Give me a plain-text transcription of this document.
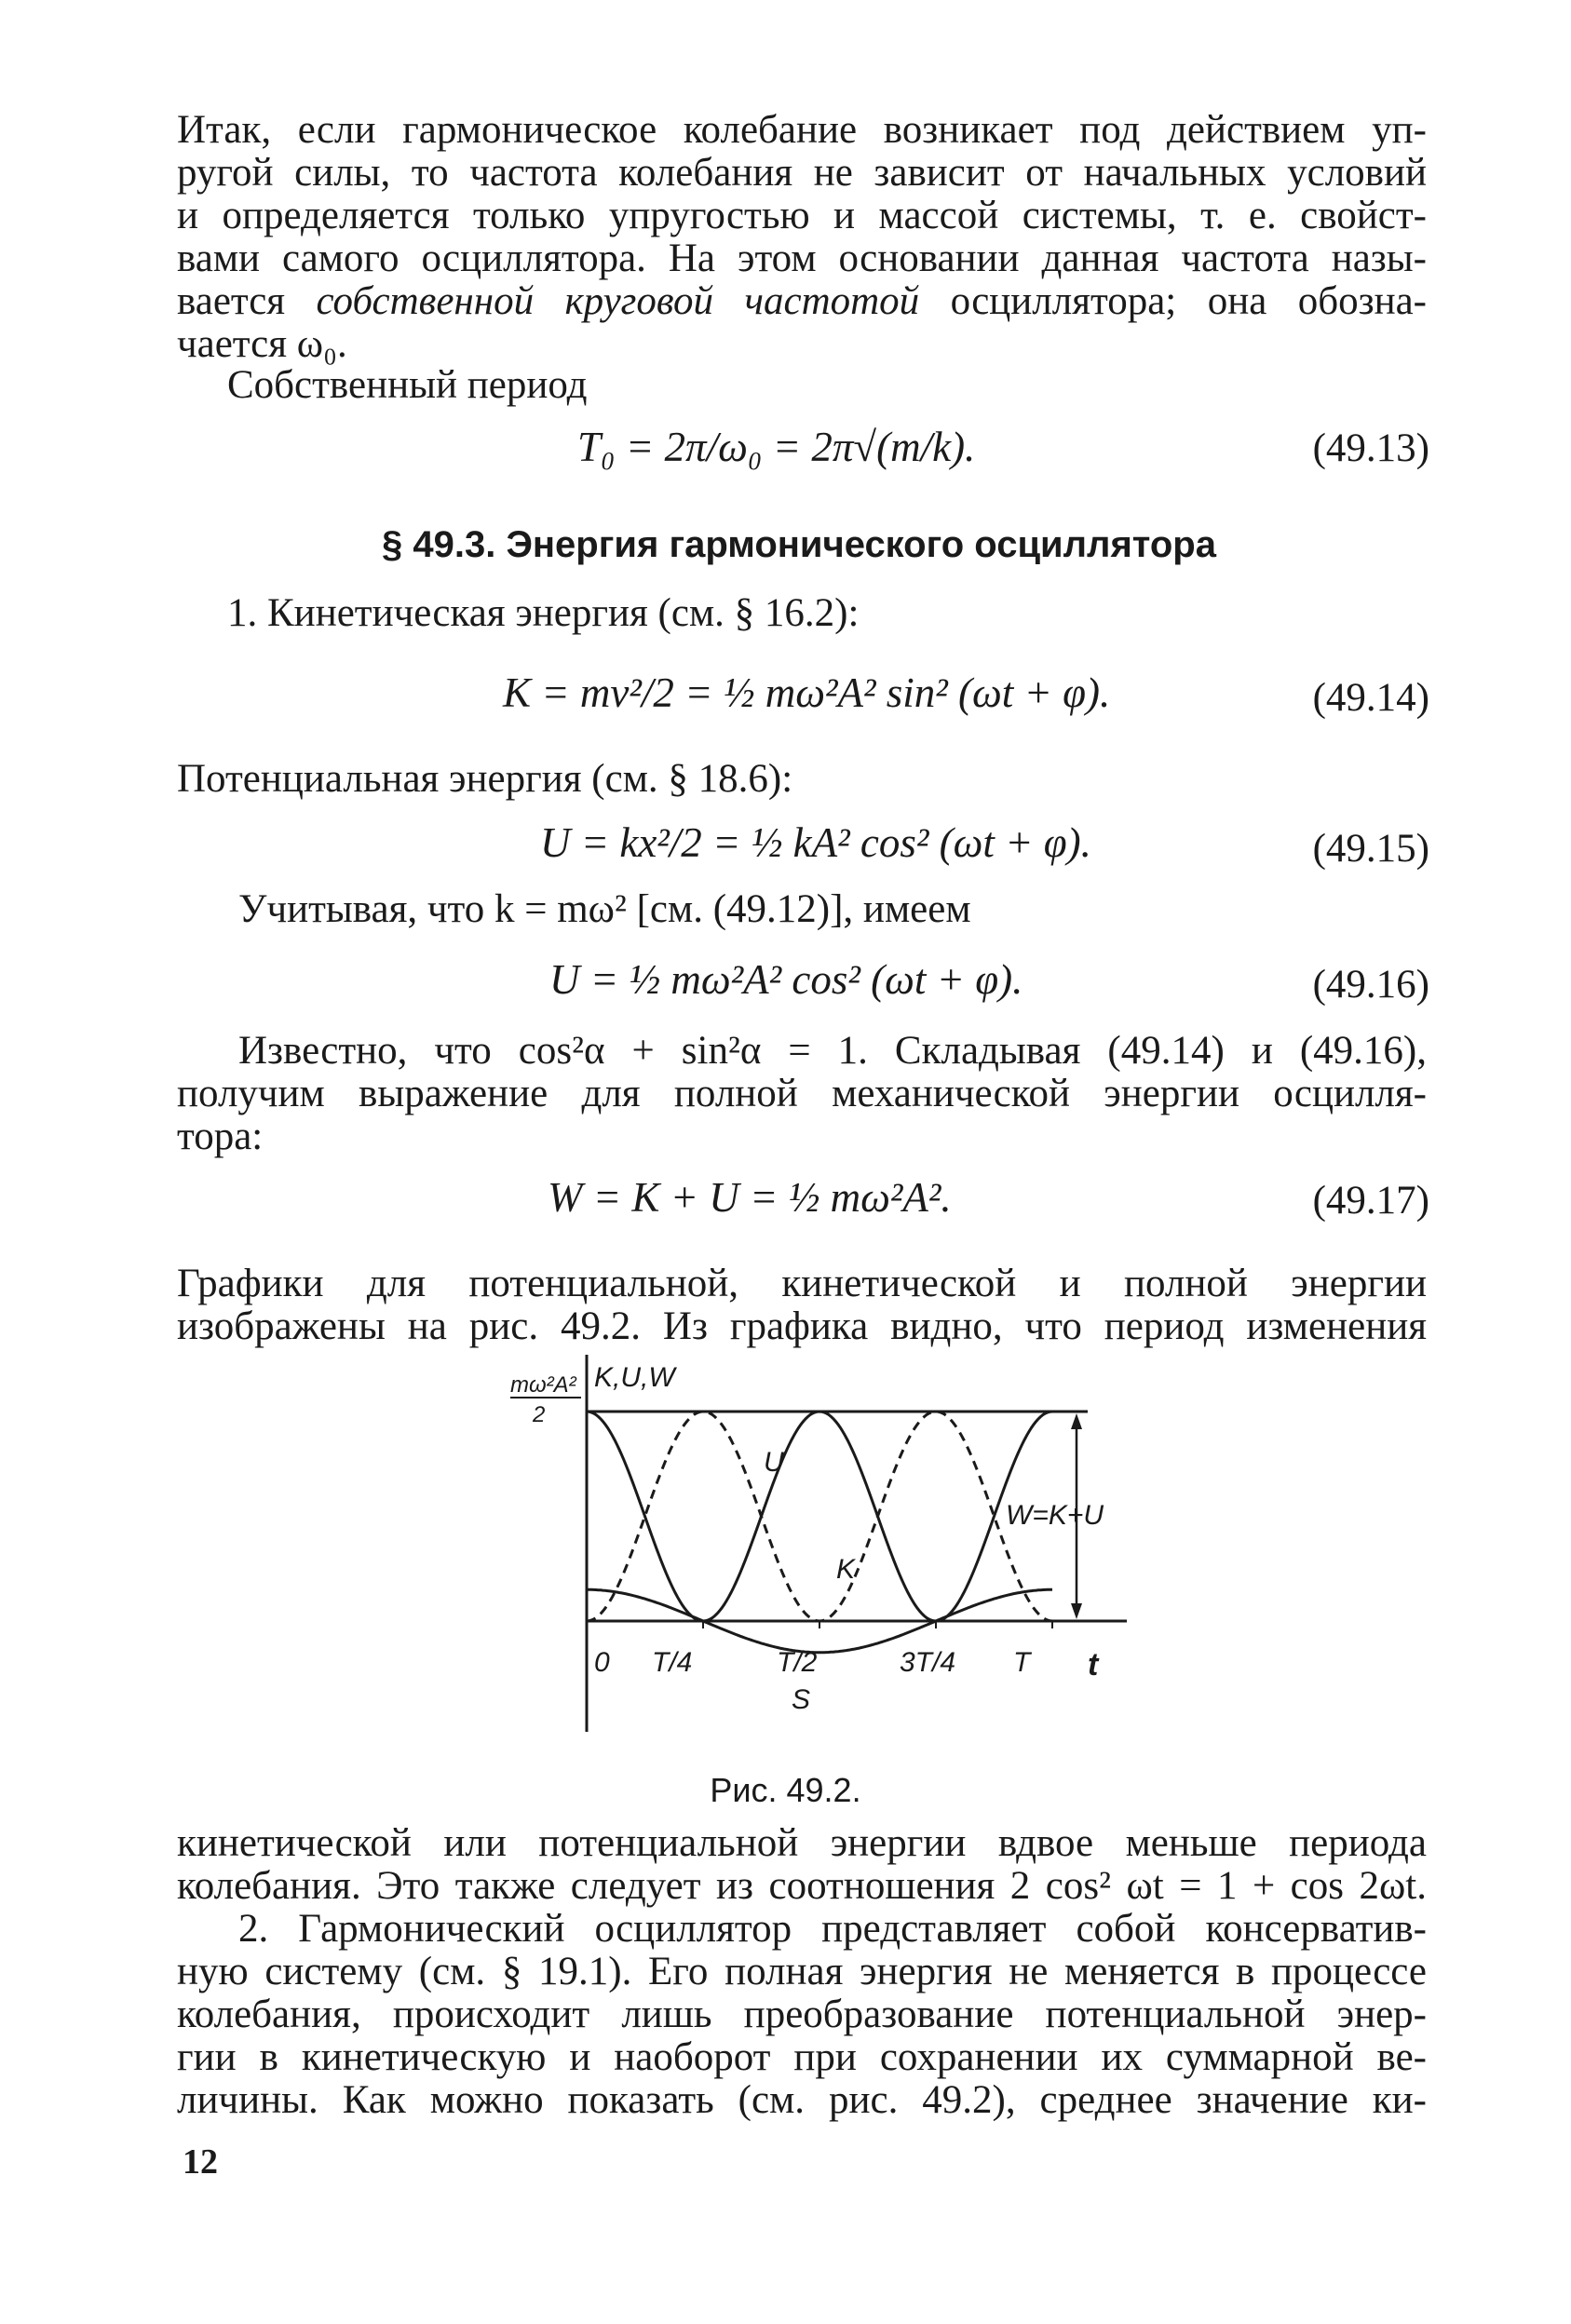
Итак, если гармоническое колебание возникает под действием уп-
ругой силы, то частота колебания не зависит от начальных условий
и определяется только упругостью и массой системы, т. е. свойст-
вами самого осциллятора. На этом основании данная частота назы-
вается собственной круговой частотой осциллятора; она обозна-
чается ω₀.
Собственный период
T₀ = 2π/ω₀ = 2π√(m/k).	(49.13)
§ 49.3. Энергия гармонического осциллятора
1. Кинетическая энергия (см. § 16.2):
K = mv²/2 = ½ mω²A² sin² (ωt + φ).	(49.14)
Потенциальная энергия (см. § 18.6):
U = kx²/2 = ½ kA² cos² (ωt + φ).	(49.15)
Учитывая, что k = mω² [см. (49.12)], имеем
U = ½ mω²A² cos² (ωt + φ).	(49.16)
Известно, что cos²α + sin²α = 1. Складывая (49.14) и (49.16),
получим выражение для полной механической энергии осцилля-
тора:
W = K + U = ½ mω²A².	(49.17)
Графики для потенциальной, кинетической и полной энергии
изображены на рис. 49.2. Из графика видно, что период изменения
K,U,W
mω²A²
2
U
K
S
W=K+U
0 T/4	T/2	3T/4 T t
Рис. 49.2.
кинетической или потенциальной энергии вдвое меньше периода
колебания. Это также следует из соотношения 2 cos² ωt = 1 + cos 2ωt.
2. Гармонический осциллятор представляет собой консерватив-
ную систему (см. § 19.1). Его полная энергия не меняется в процессе
колебания, происходит лишь преобразование потенциальной энер-
гии в кинетическую и наоборот при сохранении их суммарной ве-
личины. Как можно показать (см. рис. 49.2), среднее значение ки-
12
